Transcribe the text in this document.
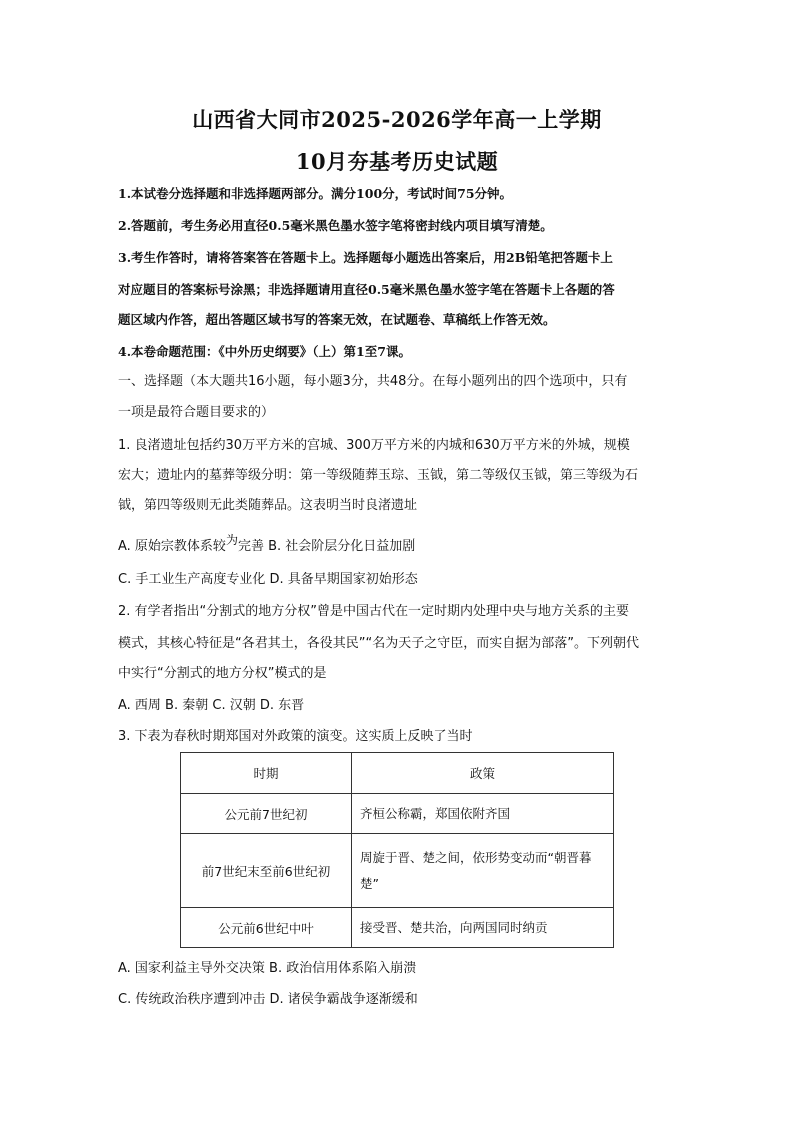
山西省大同市2025-2026学年高一上学期
10月夯基考历史试题
1.本试卷分选择题和非选择题两部分。满分100分，考试时间75分钟。
2.答题前，考生务必用直径0.5毫米黑色墨水签字笔将密封线内项目填写清楚。
3.考生作答时，请将答案答在答题卡上。选择题每小题选出答案后，用2B铅笔把答题卡上
对应题目的答案标号涂黑；非选择题请用直径0.5毫米黑色墨水签字笔在答题卡上各题的答
题区域内作答，超出答题区域书写的答案无效，在试题卷、草稿纸上作答无效。
4.本卷命题范围：《中外历史纲要》（上）第1至7课。
一、选择题（本大题共16小题，每小题3分，共48分。在每小题列出的四个选项中，只有
一项是最符合题目要求的）
1. 良渚遗址包括约30万平方米的宫城、300万平方米的内城和630万平方米的外城，规模
宏大；遗址内的墓葬等级分明：第一等级随葬玉琮、玉钺，第二等级仅玉钺，第三等级为石
钺，第四等级则无此类随葬品。这表明当时良渚遗址
A. 原始宗教体系较为完善 B. 社会阶层分化日益加剧
C. 手工业生产高度专业化 D. 具备早期国家初始形态
2. 有学者指出“分割式的地方分权”曾是中国古代在一定时期内处理中央与地方关系的主要
模式，其核心特征是“各君其土，各役其民”“名为天子之守臣，而实自据为部落”。下列朝代
中实行“分割式的地方分权”模式的是
A. 西周 B. 秦朝 C. 汉朝 D. 东晋
3. 下表为春秋时期郑国对外政策的演变。这实质上反映了当时
时期	政策
公元前7世纪初	齐桓公称霸，郑国依附齐国
前7世纪末至前6世纪初	周旋于晋、楚之间，依形势变动而“朝晋暮楚”
公元前6世纪中叶	接受晋、楚共治，向两国同时纳贡
A. 国家利益主导外交决策 B. 政治信用体系陷入崩溃
C. 传统政治秩序遭到冲击 D. 诸侯争霸战争逐渐缓和
